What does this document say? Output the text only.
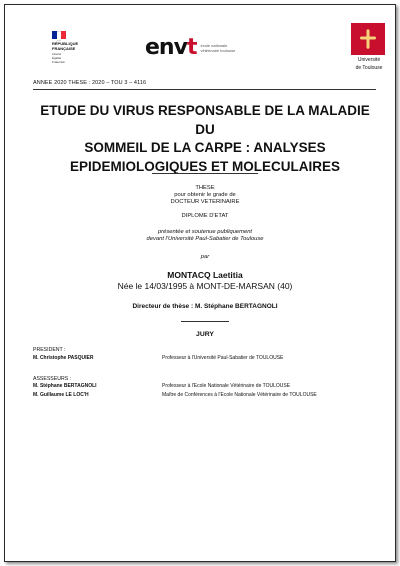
RÉPUBLIQUE
FRANÇAISE
Liberté
Égalité
Fraternité
envt école nationale vétérinaire toulouse
Université
de Toulouse
ANNEE 2020 THESE : 2020 – TOU 3 – 4116
ETUDE DU VIRUS RESPONSABLE DE LA MALADIE DU
SOMMEIL DE LA CARPE : ANALYSES
EPIDEMIOLOGIQUES ET MOLECULAIRES
THESE
pour obtenir le grade de
DOCTEUR VETERINAIRE
DIPLOME D'ETAT
présentée et soutenue publiquement
devant l'Université Paul-Sabatier de Toulouse
par
MONTACQ Laetitia
Née le 14/03/1995 à MONT-DE-MARSAN (40)
Directeur de thèse : M. Stéphane BERTAGNOLI
JURY
PRESIDENT :
M. Christophe PASQUIER	Professeur à l'Université Paul-Sabatier de TOULOUSE
ASSESSEURS :
M. Stéphane BERTAGNOLI	Professeur à l'Ecole Nationale Vétérinaire de TOULOUSE
M. Guillaume LE LOC'H	Maître de Conférences à l'Ecole Nationale Vétérinaire de TOULOUSE
